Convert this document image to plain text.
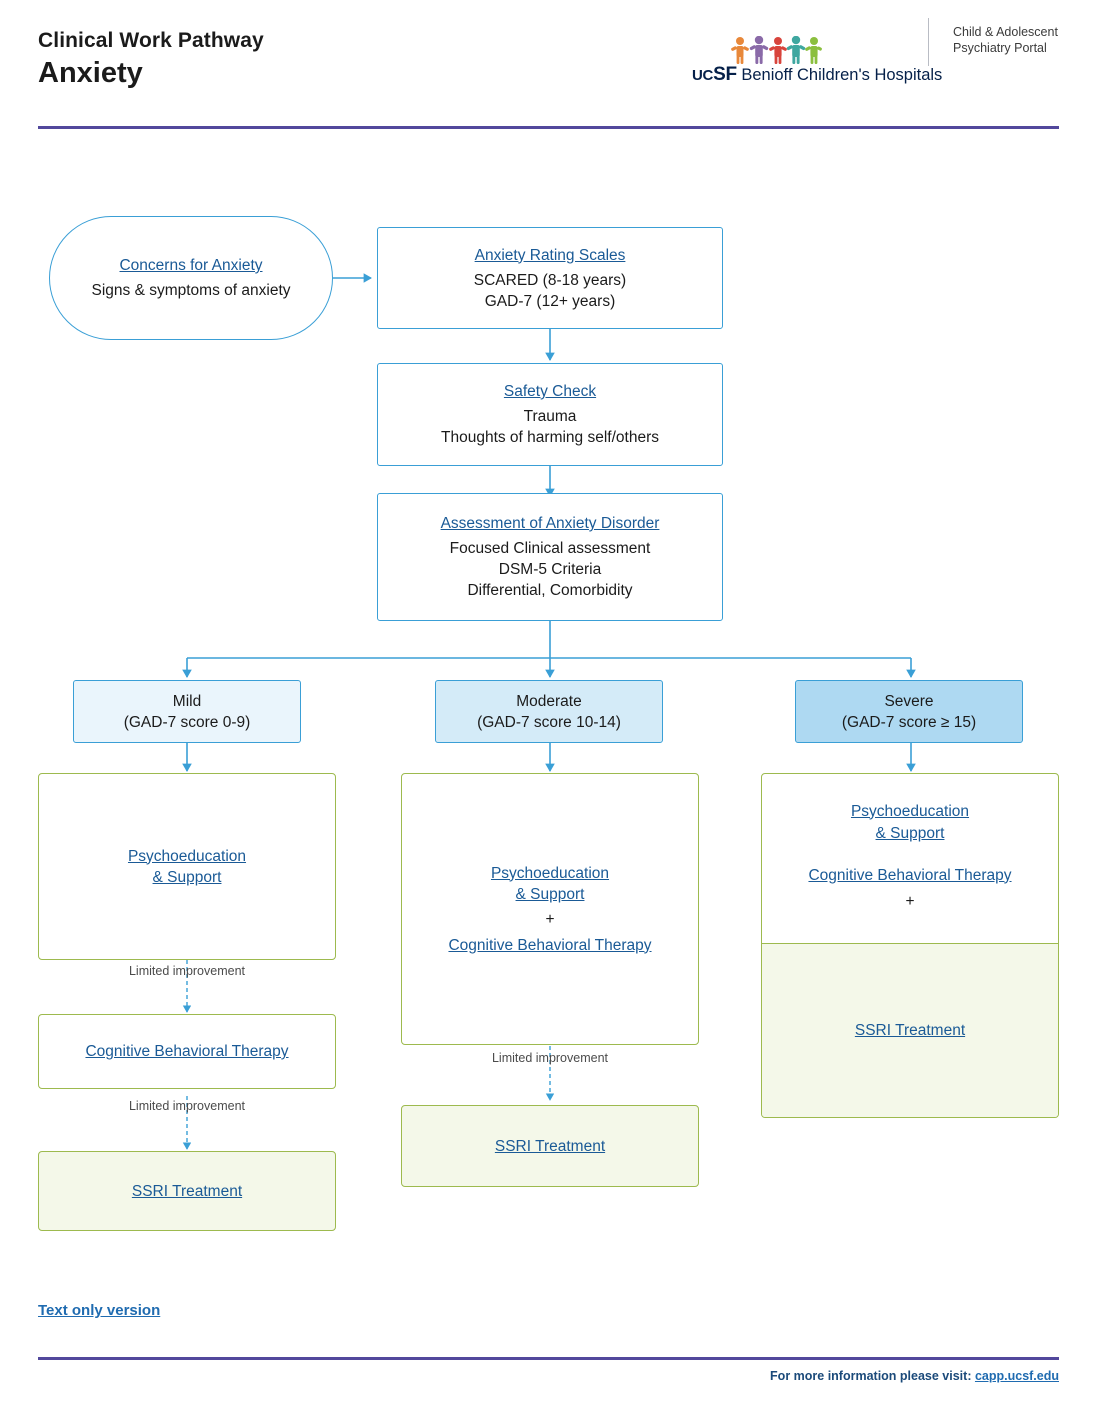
Clinical Work Pathway
Anxiety	UCSF Benioff Children's Hospitals
Child & Adolescent
Psychiatry Portal
Concerns for Anxiety
Signs & symptoms of anxiety
Anxiety Rating Scales
SCARED (8-18 years)
GAD-7 (12+ years)
Safety Check
Trauma
Thoughts of harming self/others
Assessment of Anxiety Disorder
Focused Clinical assessment
DSM-5 Criteria
Differential, Comorbidity
Mild
(GAD-7 score 0-9)
Moderate
(GAD-7 score 10-14)
Severe
(GAD-7 score ≥ 15)
Psychoeducation
& Support
Limited improvement
Cognitive Behavioral Therapy
Limited improvement
SSRI Treatment
Psychoeducation
& Support
+
Cognitive Behavioral Therapy
Limited improvement
SSRI Treatment
Psychoeducation
& Support
Cognitive Behavioral Therapy
+
SSRI Treatment
Text only version
For more information please visit: capp.ucsf.edu
